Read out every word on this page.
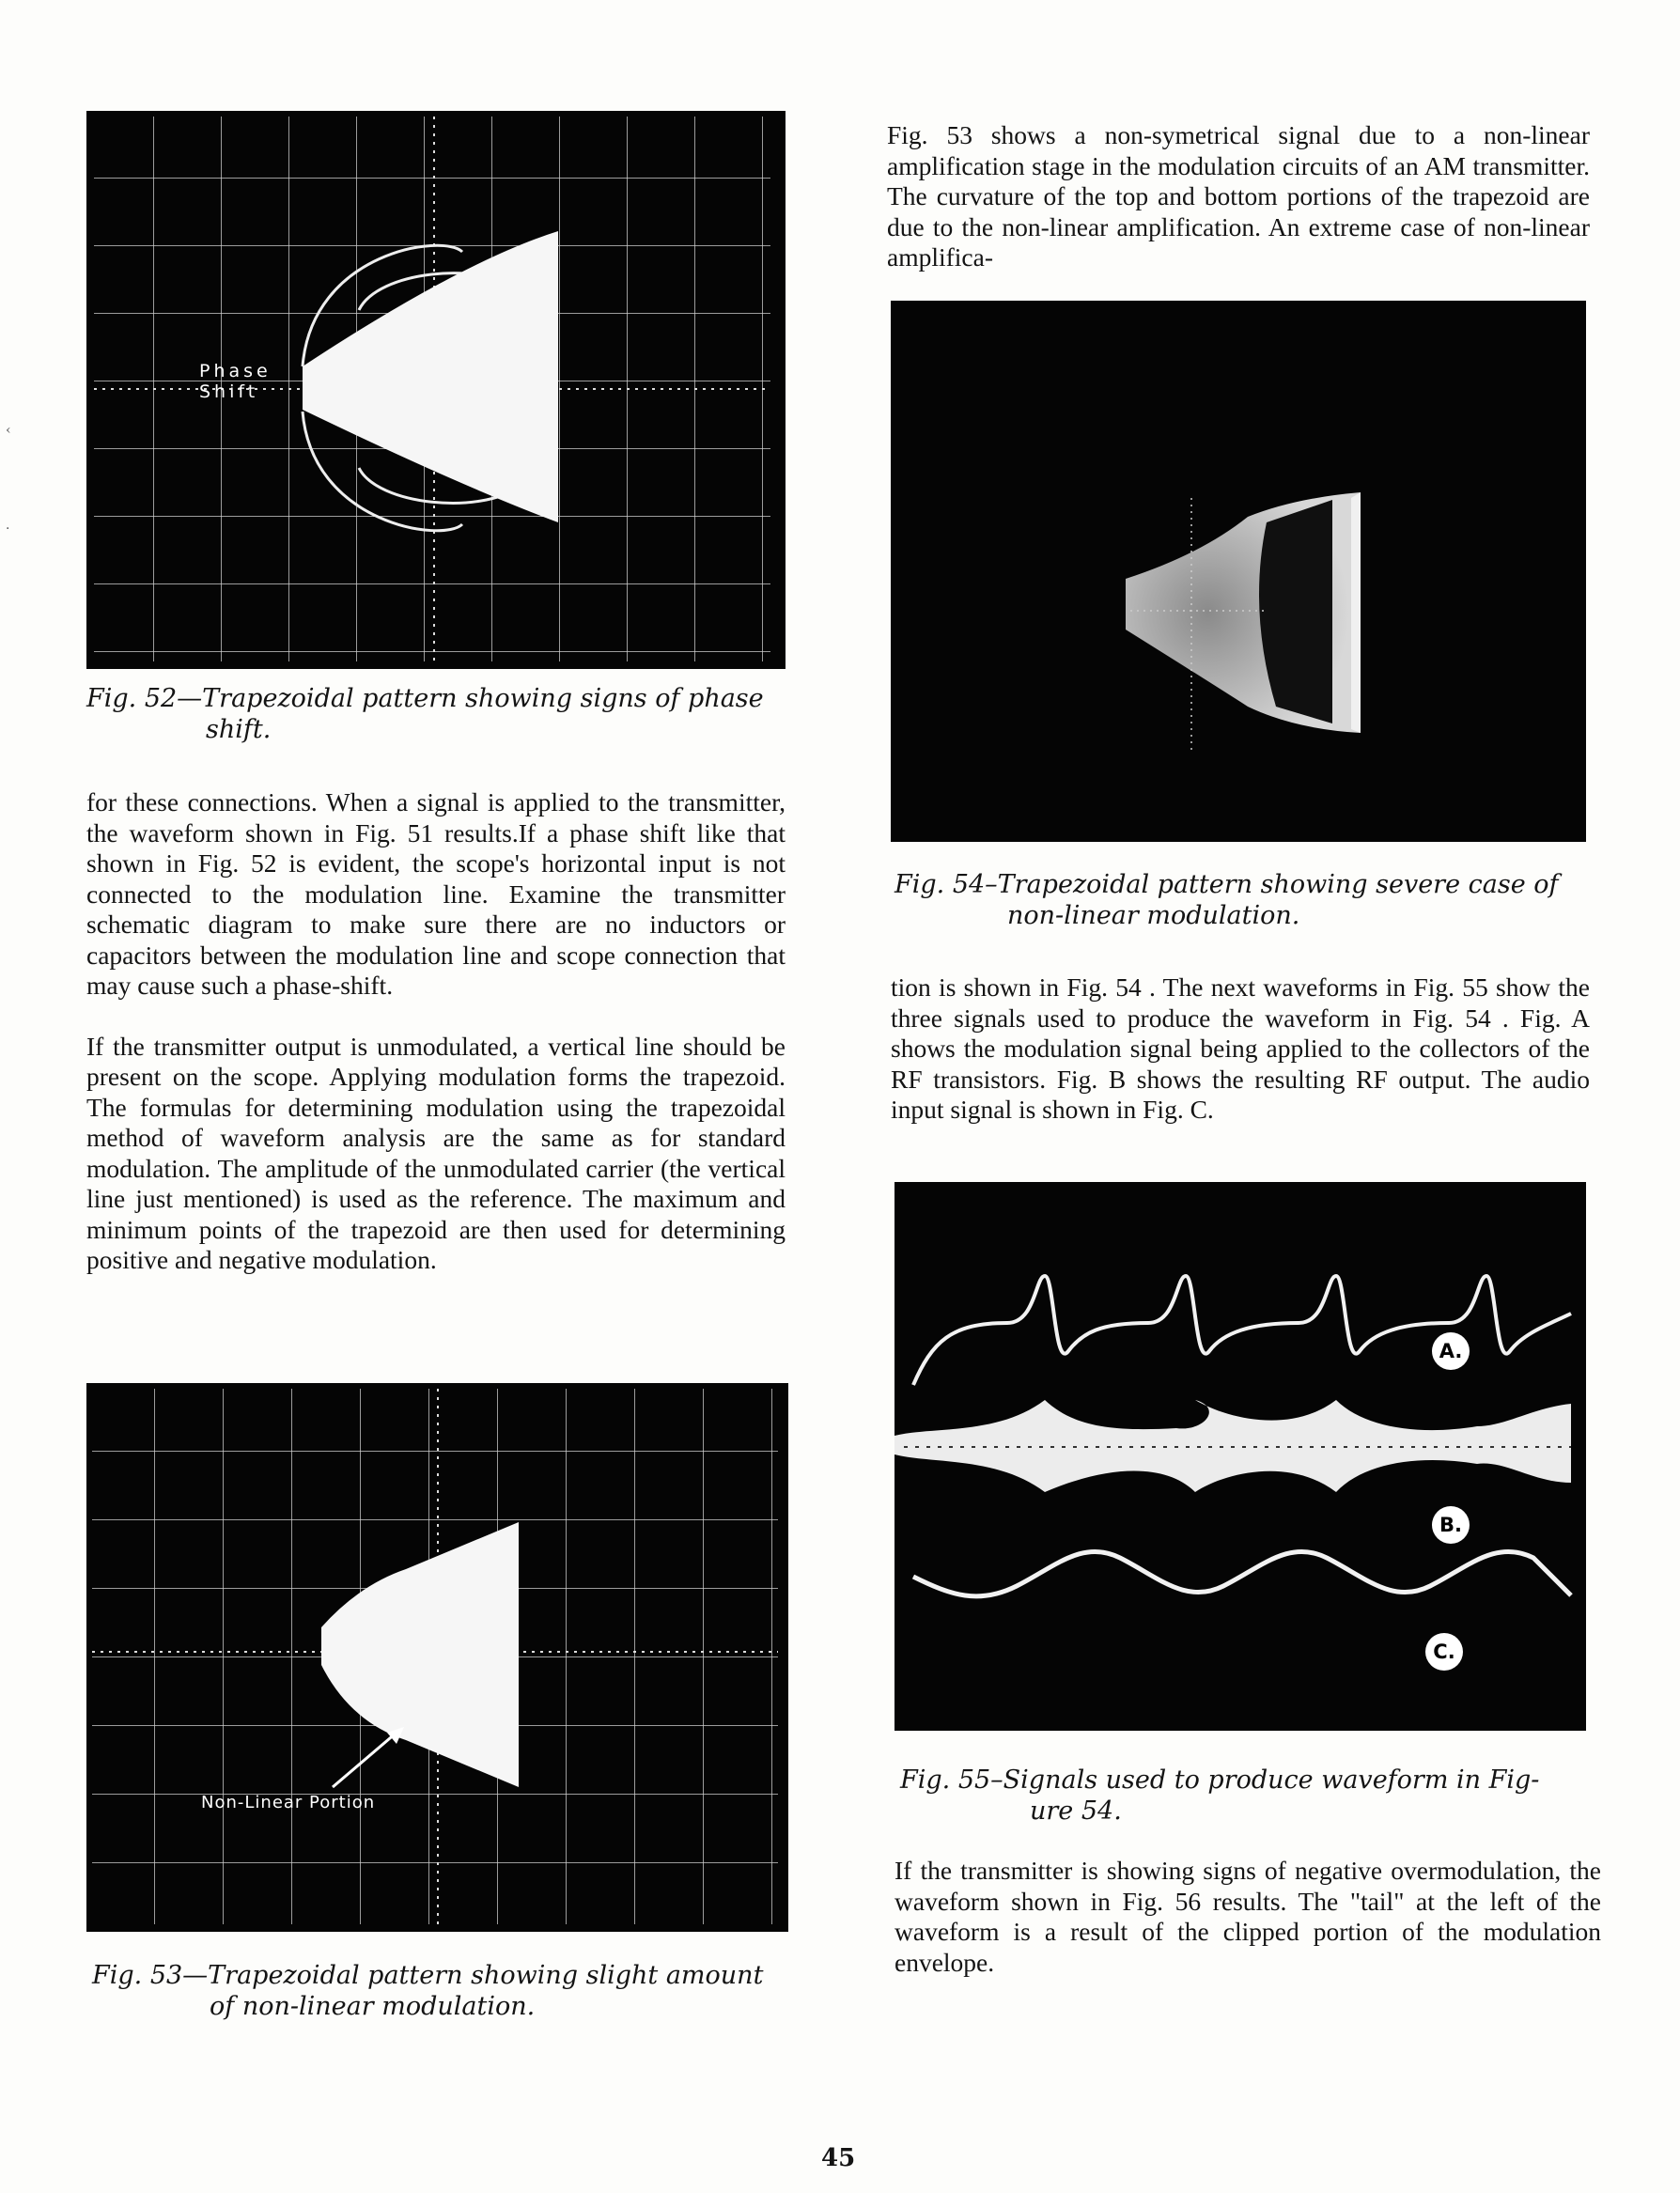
‹
·
Phase
Shift
Fig. 52—Trapezoidal pattern showing signs of phase
shift.

for these connections. When a signal is applied to the transmitter, the waveform shown in Fig. 51 results.If a phase shift like that shown in Fig. 52 is evident, the scope's horizontal input is not connected to the modulation line. Examine the transmitter schematic diagram to make sure there are no inductors or capacitors between the modulation line and scope connection that may cause such a phase-shift.

If the transmitter output is unmodulated, a vertical line should be present on the scope. Applying modulation forms the trapezoid. The formulas for determining modulation using the trapezoidal method of waveform analysis are the same as for standard modulation. The amplitude of the unmodulated carrier (the vertical line just mentioned) is used as the reference. The maximum and minimum points of the trapezoid are then used for determining positive and negative modulation.

Non-Linear Portion
Fig. 53—Trapezoidal pattern showing slight amount
of non-linear modulation.

Fig. 53 shows a non-symetrical signal due to a non-linear amplification stage in the modulation circuits of an AM transmitter. The curvature of the top and bottom portions of the trapezoid are due to the non-linear amplification. An extreme case of non-linear amplifica-

Fig. 54–Trapezoidal pattern showing severe case of
non-linear modulation.

tion is shown in Fig. 54 . The next waveforms in Fig. 55 show the three signals used to produce the waveform in Fig. 54 . Fig. A shows the modulation signal being applied to the collectors of the RF transistors. Fig. B shows the resulting RF output. The audio input signal is shown in Fig. C.

A.
B.
C.
Fig. 55–Signals used to produce waveform in Fig-
ure 54.

If the transmitter is showing signs of negative overmodulation, the waveform shown in Fig. 56 results. The "tail" at the left of the waveform is a result of the clipped portion of the modulation envelope.

45
